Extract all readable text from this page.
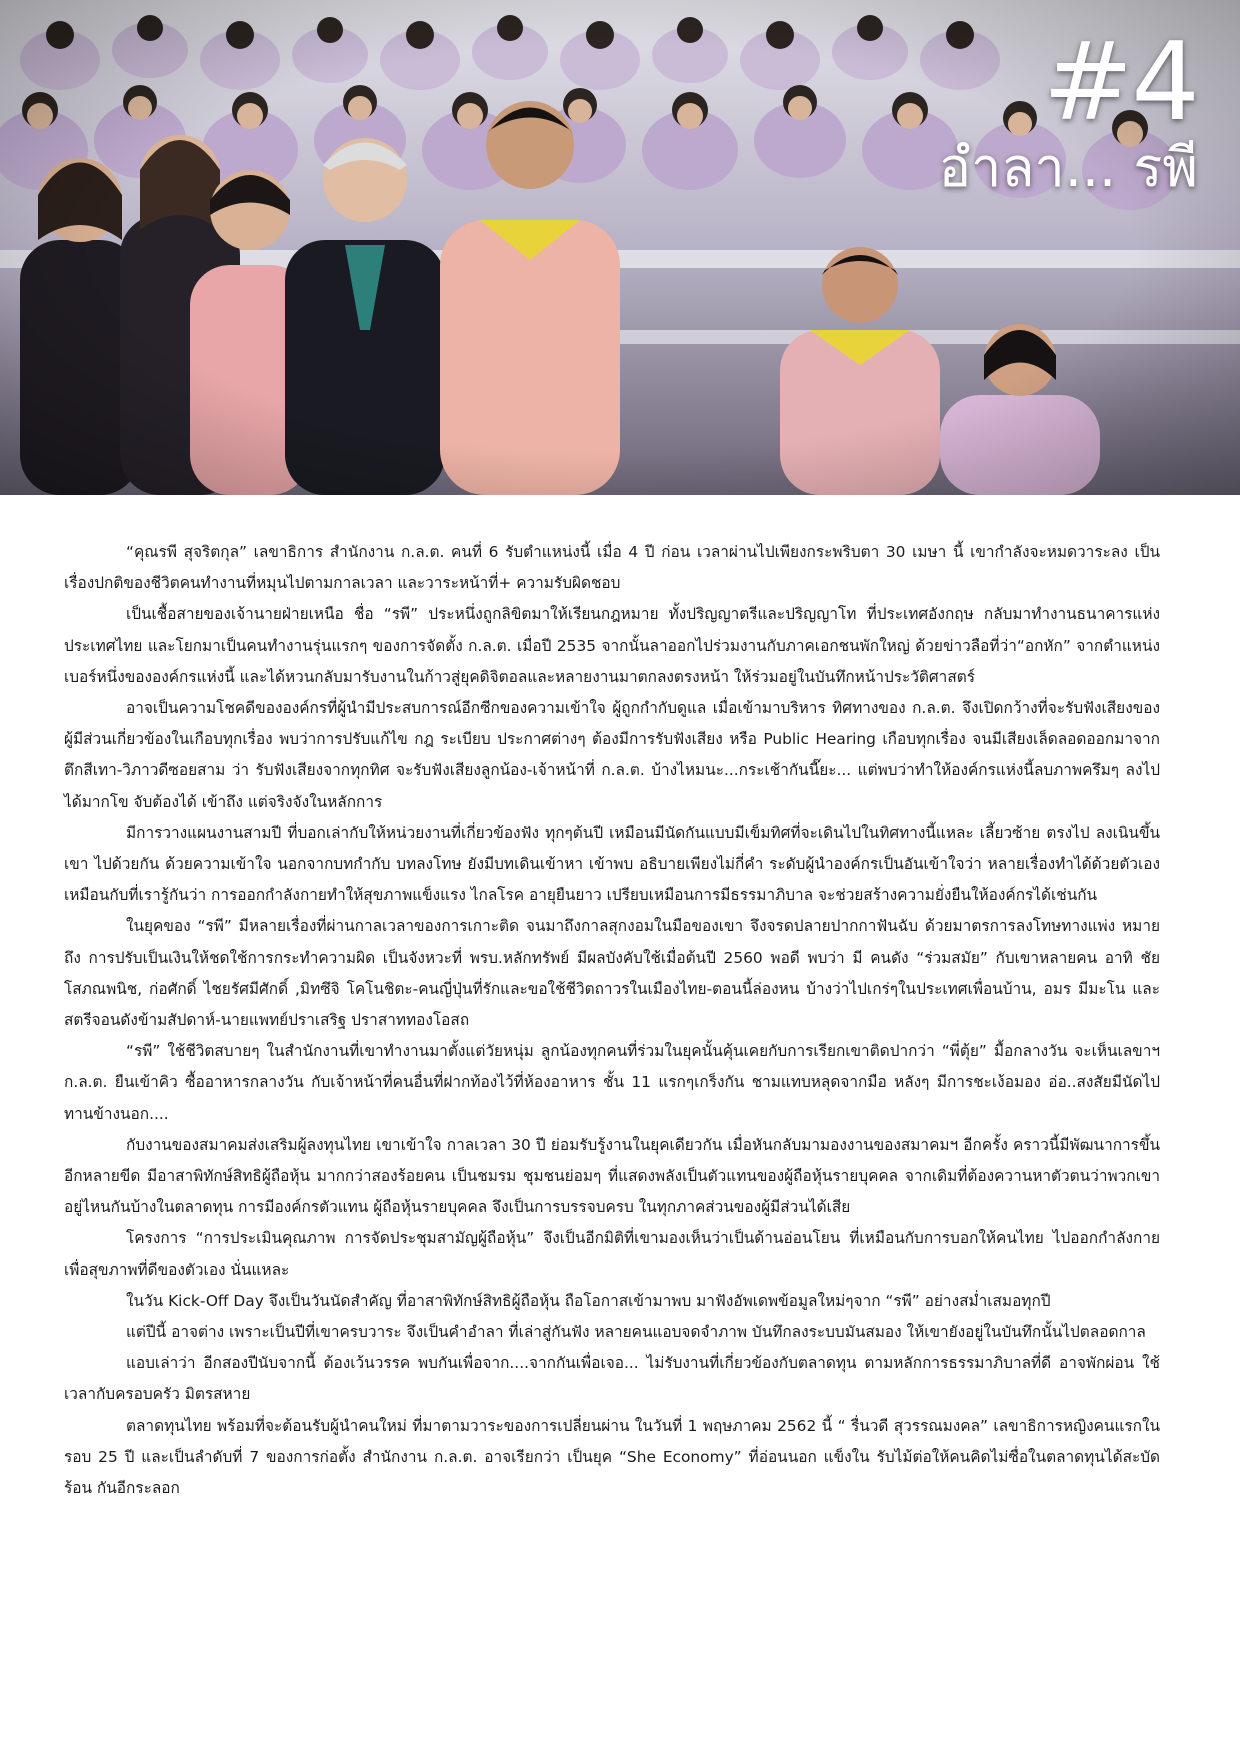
#4
อำลา... รพี

“คุณรพี สุจริตกุล” เลขาธิการ สำนักงาน ก.ล.ต. คนที่ 6 รับตำแหน่งนี้ เมื่อ 4 ปี ก่อน เวลาผ่านไปเพียงกระพริบตา 30 เมษา นี้ เขากำลังจะหมดวาระลง เป็นเรื่องปกติของชีวิตคนทำงานที่หมุนไปตามกาลเวลา และวาระหน้าที่+ ความรับผิดชอบ

เป็นเชื้อสายของเจ้านายฝ่ายเหนือ ชื่อ “รพี” ประหนึ่งถูกลิขิตมาให้เรียนกฎหมาย ทั้งปริญญาตรีและปริญญาโท ที่ประเทศอังกฤษ กลับมาทำงานธนาคารแห่งประเทศไทย และโยกมาเป็นคนทำงานรุ่นแรกๆ ของการจัดตั้ง ก.ล.ต. เมื่อปี 2535 จากนั้นลาออกไปร่วมงานกับภาคเอกชนพักใหญ่ ด้วยข่าวลือที่ว่า“อกหัก” จากตำแหน่งเบอร์หนึ่งขององค์กรแห่งนี้ และได้หวนกลับมารับงานในก้าวสู่ยุคดิจิตอลและหลายงานมาตกลงตรงหน้า ให้ร่วมอยู่ในบันทึกหน้าประวัติศาสตร์

อาจเป็นความโชคดีขององค์กรที่ผู้นำมีประสบการณ์อีกซีกของความเข้าใจ ผู้ถูกกำกับดูแล เมื่อเข้ามาบริหาร ทิศทางของ ก.ล.ต. จึงเปิดกว้างที่จะรับฟังเสียงของผู้มีส่วนเกี่ยวข้องในเกือบทุกเรื่อง พบว่าการปรับแก้ไข กฎ ระเบียบ ประกาศต่างๆ ต้องมีการรับฟังเสียง หรือ Public Hearing เกือบทุกเรื่อง จนมีเสียงเล็ดลอดออกมาจากตึกสีเทา-วิภาวดีซอยสาม ว่า รับฟังเสียงจากทุกทิศ จะรับฟังเสียงลูกน้อง-เจ้าหน้าที่ ก.ล.ต. บ้างไหมนะ...กระเช้ากันนี๊ยะ... แต่พบว่าทำให้องค์กรแห่งนี้ลบภาพครึมๆ ลงไปได้มากโข จับต้องได้ เข้าถึง แต่จริงจังในหลักการ

มีการวางแผนงานสามปี ที่บอกเล่ากับให้หน่วยงานที่เกี่ยวข้องฟัง ทุกๆต้นปี เหมือนมีนัดกันแบบมีเข็มทิศที่จะเดินไปในทิศทางนี้แหละ เลี้ยวซ้าย ตรงไป ลงเนินขึ้นเขา ไปด้วยกัน ด้วยความเข้าใจ นอกจากบทกำกับ บทลงโทษ ยังมีบทเดินเข้าหา เข้าพบ อธิบายเพียงไม่กี่คำ ระดับผู้นำองค์กรเป็นอันเข้าใจว่า หลายเรื่องทำได้ด้วยตัวเอง เหมือนกับที่เรารู้กันว่า การออกกำลังกายทำให้สุขภาพแข็งแรง ไกลโรค อายุยืนยาว เปรียบเหมือนการมีธรรมาภิบาล จะช่วยสร้างความยั่งยืนให้องค์กรได้เช่นกัน

ในยุคของ “รพี” มีหลายเรื่องที่ผ่านกาลเวลาของการเกาะติด จนมาถึงกาลสุกงอมในมือของเขา จึงจรดปลายปากกาฟันฉับ ด้วยมาตรการลงโทษทางแพ่ง หมายถึง การปรับเป็นเงินให้ชดใช้การกระทำความผิด เป็นจังหวะที่ พรบ.หลักทรัพย์ มีผลบังคับใช้เมื่อต้นปี 2560 พอดี พบว่า มี คนดัง “ร่วมสมัย” กับเขาหลายคน อาทิ ชัย โสภณพนิช, ก่อศักดิ์ ไชยรัศมีศักดิ์ ,มิทซึจิ โคโนชิตะ-คนญี่ปุ่นที่รักและขอใช้ชีวิตถาวรในเมืองไทย-ตอนนี้ล่องหน บ้างว่าไปเกร่ๆในประเทศเพื่อนบ้าน, อมร มีมะโน และสตรีจอนดังข้ามสัปดาห์-นายแพทย์ปราเสริฐ ปราสาททองโอสถ

“รพี” ใช้ชีวิตสบายๆ ในสำนักงานที่เขาทำงานมาตั้งแต่วัยหนุ่ม ลูกน้องทุกคนที่ร่วมในยุคนั้นคุ้นเคยกับการเรียกเขาติดปากว่า “พี่ตุ้ย” มื้อกลางวัน จะเห็นเลขาฯ ก.ล.ต. ยืนเข้าคิว ซื้ออาหารกลางวัน กับเจ้าหน้าที่คนอื่นที่ฝากท้องไว้ที่ห้องอาหาร ชั้น 11 แรกๆเกร็งกัน ชามแทบหลุดจากมือ หลังๆ มีการชะเง้อมอง อ่อ..สงสัยมีนัดไปทานข้างนอก....

กับงานของสมาคมส่งเสริมผู้ลงทุนไทย เขาเข้าใจ กาลเวลา 30 ปี ย่อมรับรู้งานในยุคเดียวกัน เมื่อหันกลับมามองงานของสมาคมฯ อีกครั้ง คราวนี้มีพัฒนาการขึ้นอีกหลายขีด มีอาสาพิทักษ์สิทธิผู้ถือหุ้น มากกว่าสองร้อยคน เป็นชมรม ชุมชนย่อมๆ ที่แสดงพลังเป็นตัวแทนของผู้ถือหุ้นรายบุคคล จากเดิมที่ต้องควานหาตัวตนว่าพวกเขาอยู่ไหนกันบ้างในตลาดทุน การมีองค์กรตัวแทน ผู้ถือหุ้นรายบุคคล จึงเป็นการบรรจบครบ ในทุกภาคส่วนของผู้มีส่วนได้เสีย

โครงการ “การประเมินคุณภาพ การจัดประชุมสามัญผู้ถือหุ้น” จึงเป็นอีกมิติที่เขามองเห็นว่าเป็นด้านอ่อนโยน ที่เหมือนกับการบอกให้คนไทย ไปออกกำลังกายเพื่อสุขภาพที่ดีของตัวเอง นั่นแหละ

ในวัน Kick-Off Day จึงเป็นวันนัดสำคัญ ที่อาสาพิทักษ์สิทธิผู้ถือหุ้น ถือโอกาสเข้ามาพบ มาฟังอัพเดพข้อมูลใหม่ๆจาก “รพี” อย่างสม่ำเสมอทุกปี

แต่ปีนี้ อาจต่าง เพราะเป็นปีที่เขาครบวาระ จึงเป็นคำอำลา ที่เล่าสู่กันฟัง หลายคนแอบจดจำภาพ บันทึกลงระบบมันสมอง ให้เขายังอยู่ในบันทึกนั้นไปตลอดกาล

แอบเล่าว่า อีกสองปีนับจากนี้ ต้องเว้นวรรค พบกันเพื่อจาก....จากกันเพื่อเจอ... ไม่รับงานที่เกี่ยวข้องกับตลาดทุน ตามหลักการธรรมาภิบาลที่ดี อาจพักผ่อน ใช้เวลากับครอบครัว มิตรสหาย

ตลาดทุนไทย พร้อมที่จะต้อนรับผู้นำคนใหม่ ที่มาตามวาระของการเปลี่ยนผ่าน ในวันที่ 1 พฤษภาคม 2562 นี้ “ รื่นวดี สุวรรณมงคล” เลขาธิการหญิงคนแรกในรอบ 25 ปี และเป็นลำดับที่ 7 ของการก่อตั้ง สำนักงาน ก.ล.ต. อาจเรียกว่า เป็นยุค “She Economy” ที่อ่อนนอก แข็งใน รับไม้ต่อให้คนคิดไม่ซื่อในตลาดทุนได้สะบัดร้อน กันอีกระลอก
